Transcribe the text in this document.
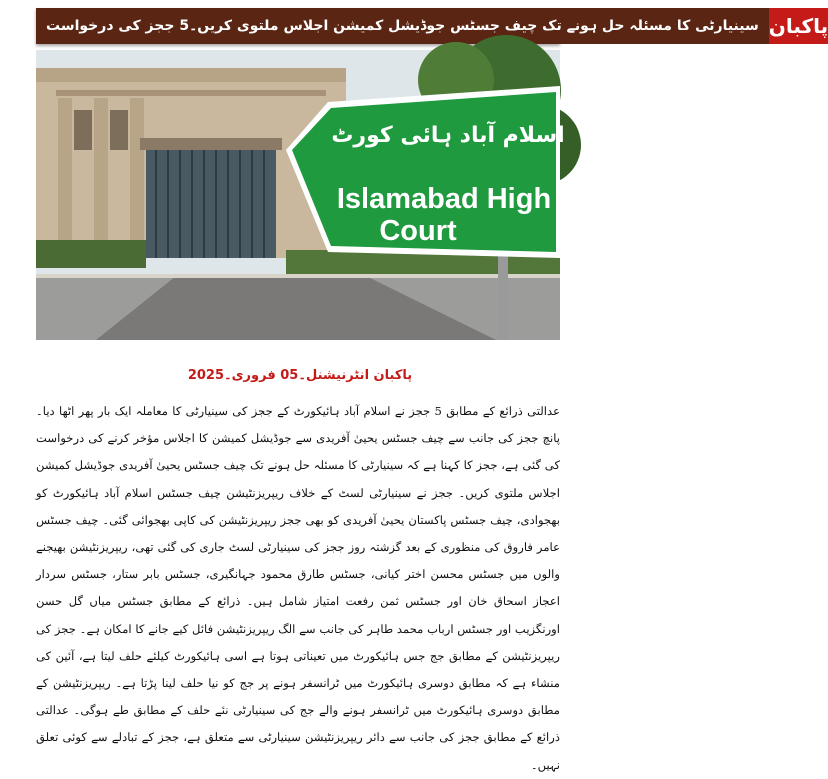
سینیارٹی کا مسئلہ حل ہونے تک چیف جسٹس جوڈیشل کمیشن اجلاس ملتوی کریں۔5 ججز کی درخواست پاکبان
اسلام آباد ہائی کورٹ
Islamabad High
Court
پاکبان انٹرنیشنل۔05 فروری۔2025

عدالتی ذرائع کے مطابق 5 ججز نے اسلام آباد ہائیکورٹ کے ججز کی سینیارٹی کا معاملہ ایک بار پھر اٹھا دیا۔ پانچ ججز کی جانب سے چیف جسٹس یحییٰ آفریدی سے جوڈیشل کمیشن کا اجلاس مؤخر کرنے کی درخواست کی گئی ہے، ججز کا کہنا ہے کہ سینیارٹی کا مسئلہ حل ہونے تک چیف جسٹس یحییٰ آفریدی جوڈیشل کمیشن اجلاس ملتوی کریں۔ ججز نے سینیارٹی لسٹ کے خلاف ریپریزنٹیشن چیف جسٹس اسلام آباد ہائیکورٹ کو بھجوادی، چیف جسٹس پاکستان یحییٰ آفریدی کو بھی ججز ریپریزنٹیشن کی کاپی بھجوائی گئی۔ چیف جسٹس عامر فاروق کی منظوری کے بعد گزشتہ روز ججز کی سینیارٹی لسٹ جاری کی گئی تھی، ریپریزنٹیشن بھیجنے والوں میں جسٹس محسن اختر کیانی، جسٹس طارق محمود جہانگیری، جسٹس بابر ستار، جسٹس سردار اعجاز اسحاق خان اور جسٹس ثمن رفعت امتیاز شامل ہیں۔ ذرائع کے مطابق جسٹس میاں گل حسن اورنگزیب اور جسٹس ارباب محمد طاہر کی جانب سے الگ ریپریزنٹیشن فائل کیے جانے کا امکان ہے۔ ججز کی ریپریزنٹیشن کے مطابق جج جس ہائیکورٹ میں تعیناتی ہوتا ہے اسی ہائیکورٹ کیلئے حلف لیتا ہے، آئین کی منشاء ہے کہ مطابق دوسری ہائیکورٹ میں ٹرانسفر ہونے پر جج کو نیا حلف لینا پڑتا ہے۔ ریپریزنٹیشن کے مطابق دوسری ہائیکورٹ میں ٹرانسفر ہونے والے جج کی سینیارٹی نئے حلف کے مطابق طے ہوگی۔ عدالتی ذرائع کے مطابق ججز کی جانب سے دائر ریپریزنٹیشن سینیارٹی سے متعلق ہے، ججز کے تبادلے سے کوئی تعلق نہیں۔
